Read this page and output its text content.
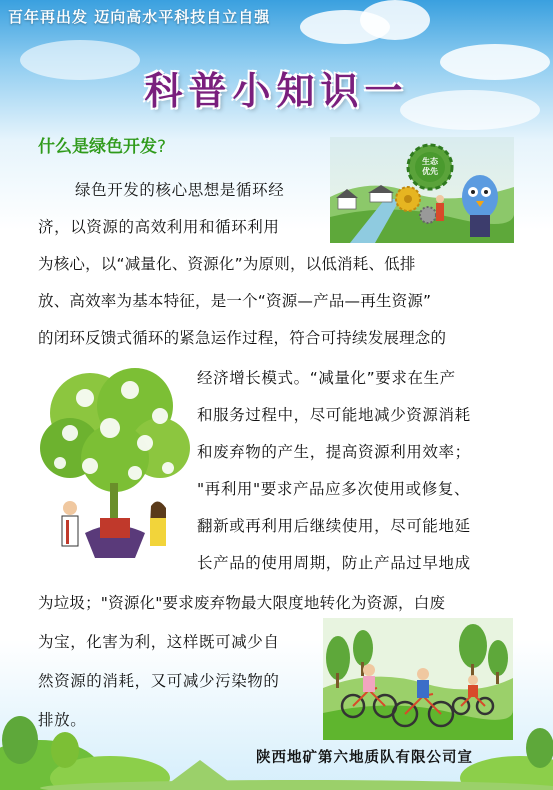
百年再出发 迈向高水平科技自立自强
科普小知识一
什么是绿色开发?
生态
优先
绿色开发的核心思想是循环经
济，以资源的高效利用和循环利用
为核心，以“减量化、资源化”为原则，以低消耗、低排
放、高效率为基本特征，是一个“资源—产品—再生资源”
的闭环反馈式循环的紧急运作过程，符合可持续发展理念的
经济增长模式。“减量化”要求在生产
和服务过程中，尽可能地减少资源消耗
和废弃物的产生，提高资源利用效率；
"再利用"要求产品应多次使用或修复、
翻新或再利用后继续使用，尽可能地延
长产品的使用周期，防止产品过早地成
为垃圾；"资源化"要求废弃物最大限度地转化为资源，白废
为宝，化害为利，这样既可减少自
然资源的消耗，又可减少污染物的
排放。
陕西地矿第六地质队有限公司宣
